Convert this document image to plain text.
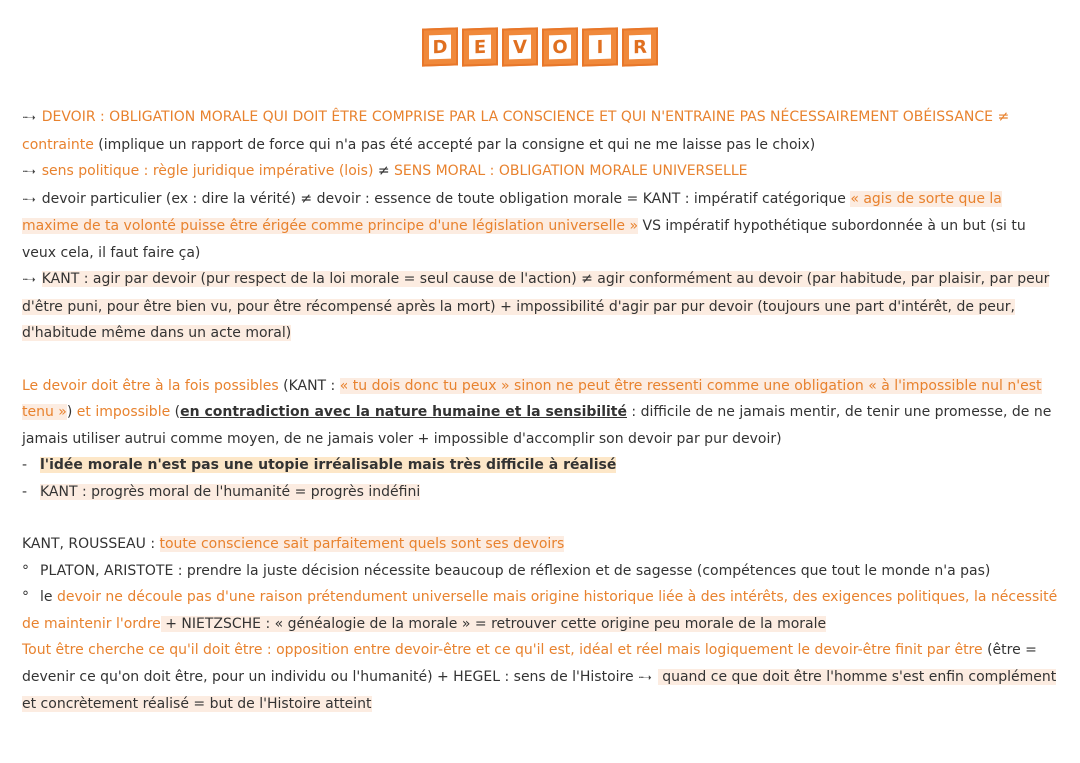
D E V O	I	R

···➝ DEVOIR : OBLIGATION MORALE QUI DOIT ÊTRE COMPRISE PAR LA CONSCIENCE ET QUI N'ENTRAINE PAS NÉCESSAIREMENT OBÉISSANCE ≠ contrainte (implique un rapport de force qui n'a pas été accepté par la consigne et qui ne me laisse pas le choix)

···➝ sens politique : règle juridique impérative (lois) ≠ SENS MORAL : OBLIGATION MORALE UNIVERSELLE

···➝ devoir particulier (ex : dire la vérité) ≠ devoir : essence de toute obligation morale = KANT : impératif catégorique « agis de sorte que la maxime de ta volonté puisse être érigée comme principe d'une législation universelle » VS impératif hypothétique subordonnée à un but (si tu veux cela, il faut faire ça)

···➝ KANT : agir par devoir (pur respect de la loi morale = seul cause de l'action) ≠ agir conformément au devoir (par habitude, par plaisir, par peur d'être puni, pour être bien vu, pour être récompensé après la mort) + impossibilité d'agir par pur devoir (toujours une part d'intérêt, de peur, d'habitude même dans un acte moral)

Le devoir doit être à la fois possibles (KANT : « tu dois donc tu peux » sinon ne peut être ressenti comme une obligation « à l'impossible nul n'est tenu ») et impossible (en contradiction avec la nature humaine et la sensibilité : difficile de ne jamais mentir, de tenir une promesse, de ne jamais utiliser autrui comme moyen, de ne jamais voler + impossible d'accomplir son devoir par pur devoir)

- l'idée morale n'est pas une utopie irréalisable mais très difficile à réalisé

- KANT : progrès moral de l'humanité = progrès indéfini

KANT, ROUSSEAU : toute conscience sait parfaitement quels sont ses devoirs

° PLATON, ARISTOTE : prendre la juste décision nécessite beaucoup de réflexion et de sagesse (compétences que tout le monde n'a pas)

° le devoir ne découle pas d'une raison prétendument universelle mais origine historique liée à des intérêts, des exigences politiques, la nécessité de maintenir l'ordre + NIETZSCHE : « généalogie de la morale » = retrouver cette origine peu morale de la morale

Tout être cherche ce qu'il doit être : opposition entre devoir-être et ce qu'il est, idéal et réel mais logiquement le devoir-être finit par être (être = devenir ce qu'on doit être, pour un individu ou l'humanité) + HEGEL : sens de l'Histoire ···➝ quand ce que doit être l'homme s'est enfin complément et concrètement réalisé = but de l'Histoire atteint
